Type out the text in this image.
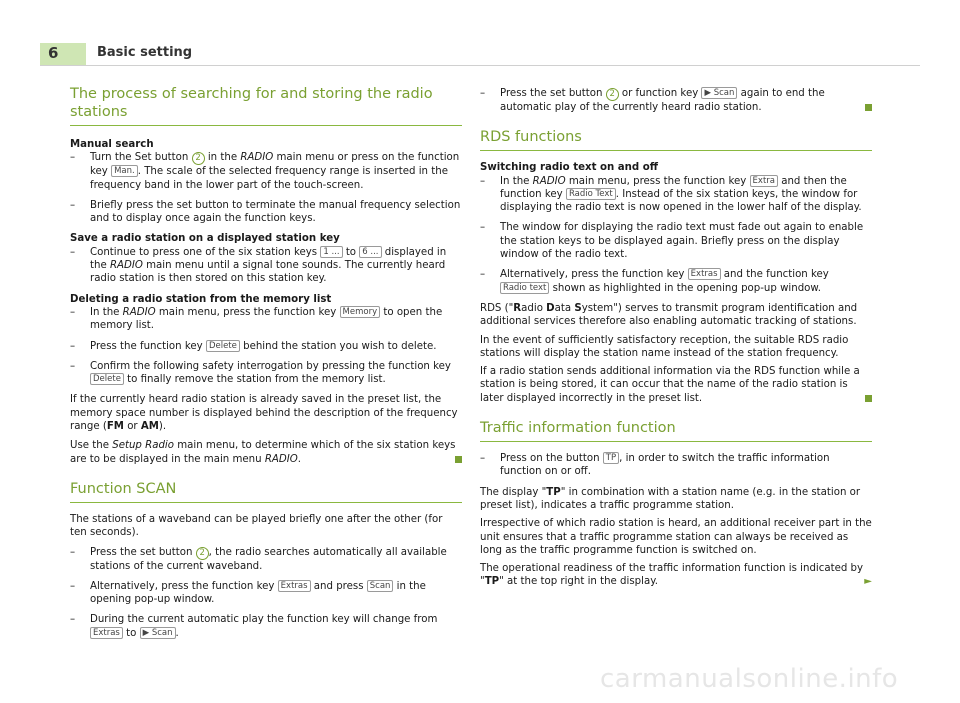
6	Basic setting
The process of searching for and storing the radio stations

Manual search

– Turn the Set button 2 in the RADIO main menu or press on the function key Man. . The scale of the selected frequency range is inserted in the frequency band in the lower part of the touch-screen.
– Briefly press the set button to terminate the manual frequency selection and to display once again the function keys.

Save a radio station on a displayed station key

– Continue to press one of the six station keys 1 ... to 6 ... displayed in the RADIO main menu until a signal tone sounds. The currently heard radio station is then stored on this station key.

Deleting a radio station from the memory list

– In the RADIO main menu, press the function key Memory to open the memory list.
– Press the function key Delete behind the station you wish to delete.
– Confirm the following safety interrogation by pressing the function key Delete to finally remove the station from the memory list.

If the currently heard radio station is already saved in the preset list, the memory space number is displayed behind the description of the frequency range (FM or AM).

Use the Setup Radio main menu, to determine which of the six station keys are to be displayed in the main menu RADIO.

Function SCAN

The stations of a waveband can be played briefly one after the other (for ten seconds).

– Press the set button 2 , the radio searches automatically all available stations of the current waveband.
– Alternatively, press the function key Extras and press Scan in the opening pop-up window.
– During the current automatic play the function key will change from Extras to ▶ Scan .
– Press the set button 2 or function key ▶ Scan again to end the automatic play of the currently heard radio station.
RDS functions

Switching radio text on and off

– In the RADIO main menu, press the function key Extra and then the function key Radio Text . Instead of the six station keys, the window for displaying the radio text is now opened in the lower half of the display.
– The window for displaying the radio text must fade out again to enable the station keys to be displayed again. Briefly press on the display window of the radio text.
– Alternatively, press the function key Extras and the function key Radio text shown as highlighted in the opening pop-up window.

RDS ("Radio Data System") serves to transmit program identification and additional services therefore also enabling automatic tracking of stations.

In the event of sufficiently satisfactory reception, the suitable RDS radio stations will display the station name instead of the station frequency.

If a radio station sends additional information via the RDS function while a station is being stored, it can occur that the name of the radio station is later displayed incorrectly in the preset list.

Traffic information function
– Press on the button TP , in order to switch the traffic information function on or off.

The display "TP" in combination with a station name (e.g. in the station or preset list), indicates a traffic programme station.

Irrespective of which radio station is heard, an additional receiver part in the unit ensures that a traffic programme station can always be received as long as the traffic programme function is switched on.

The operational readiness of the traffic information function is indicated by "TP" at the top right in the display.	►

carmanualsonline.info
